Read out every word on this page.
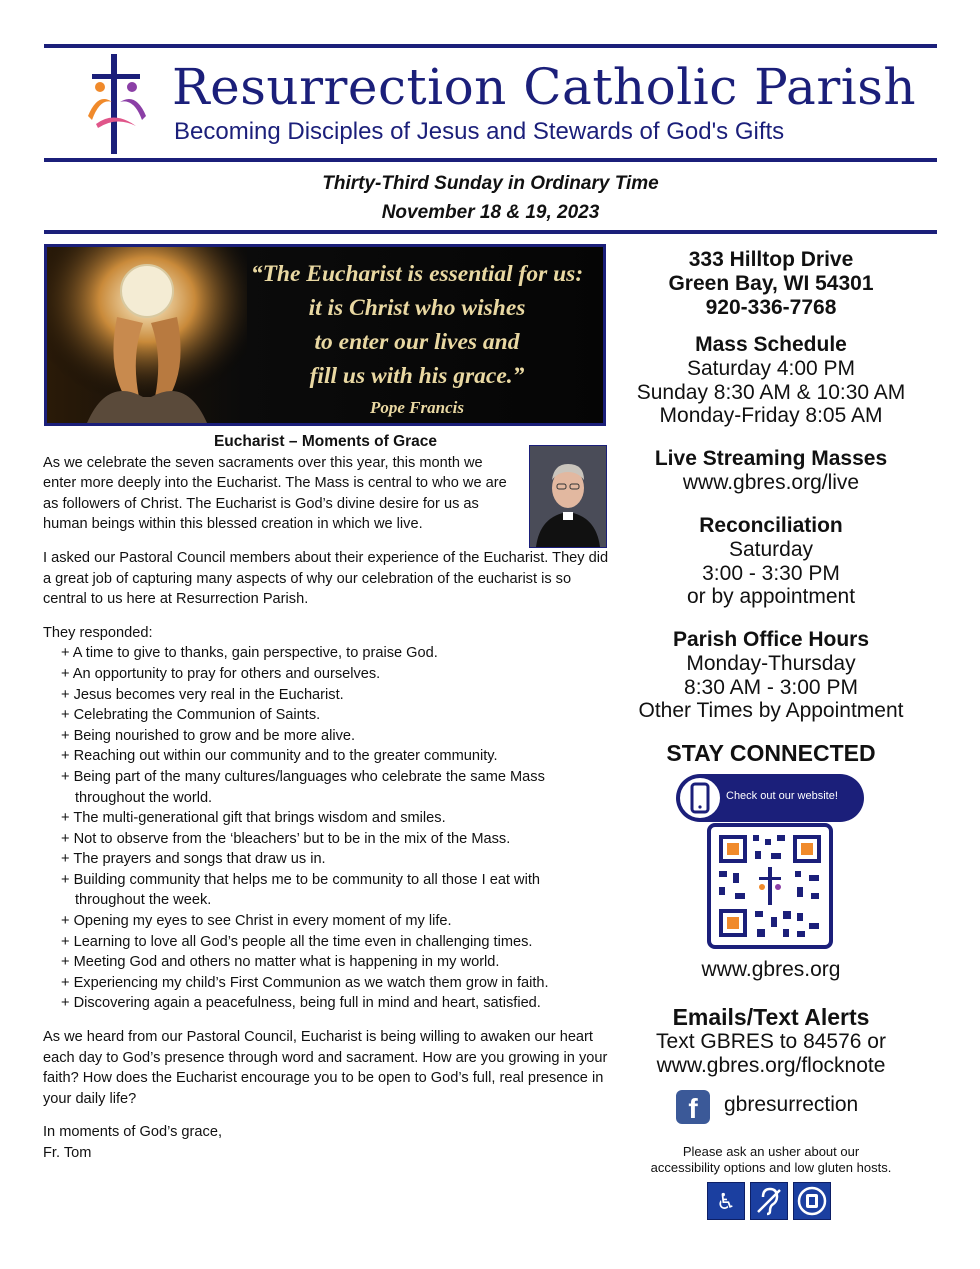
Resurrection Catholic Parish
Becoming Disciples of Jesus and Stewards of God's Gifts
Thirty-Third Sunday in Ordinary Time
November 18 & 19, 2023
“The Eucharist is essential for us:
it is Christ who wishes
to enter our lives and
fill us with his grace.”
Pope Francis
Eucharist – Moments of Grace

As we celebrate the seven sacraments over this year, this month we enter more deeply into the Eucharist. The Mass is central to who we are as followers of Christ. The Eucharist is God’s divine desire for us as human beings within this blessed creation in which we live.

I asked our Pastoral Council members about their experience of the Eucharist. They did a great job of capturing many aspects of why our celebration of the eucharist is so central to us here at Resurrection Parish.

They responded:

+ A time to give to thanks, gain perspective, to praise God.
+ An opportunity to pray for others and ourselves.
+ Jesus becomes very real in the Eucharist.
+ Celebrating the Communion of Saints.
+ Being nourished to grow and be more alive.
+ Reaching out within our community and to the greater community.
+ Being part of the many cultures/languages who celebrate the same Mass throughout the world.
+ The multi-generational gift that brings wisdom and smiles.
+ Not to observe from the ‘bleachers’ but to be in the mix of the Mass.
+ The prayers and songs that draw us in.
+ Building community that helps me to be community to all those I eat with throughout the week.
+ Opening my eyes to see Christ in every moment of my life.
+ Learning to love all God’s people all the time even in challenging times.
+ Meeting God and others no matter what is happening in my world.
+ Experiencing my child’s First Communion as we watch them grow in faith.
+ Discovering again a peacefulness, being full in mind and heart, satisfied.

As we heard from our Pastoral Council, Eucharist is being willing to awaken our heart each day to God’s presence through word and sacrament. How are you growing in your faith? How does the Eucharist encourage you to be open to God’s full, real presence in your daily life?

In moments of God’s grace,

Fr. Tom

333 Hilltop Drive
Green Bay, WI 54301
920-336-7768
Mass Schedule
Saturday 4:00 PM
Sunday 8:30 AM & 10:30 AM
Monday-Friday 8:05 AM
Live Streaming Masses
www.gbres.org/live
Reconciliation
Saturday
3:00 - 3:30 PM
or by appointment
Parish Office Hours
Monday-Thursday
8:30 AM - 3:00 PM
Other Times by Appointment
STAY CONNECTED
Check out our website!
www.gbres.org
Emails/Text Alerts
Text GBRES to 84576 or
www.gbres.org/flocknote
f	gbresurrection
Please ask an usher about our
accessibility options and low gluten hosts.
♿
